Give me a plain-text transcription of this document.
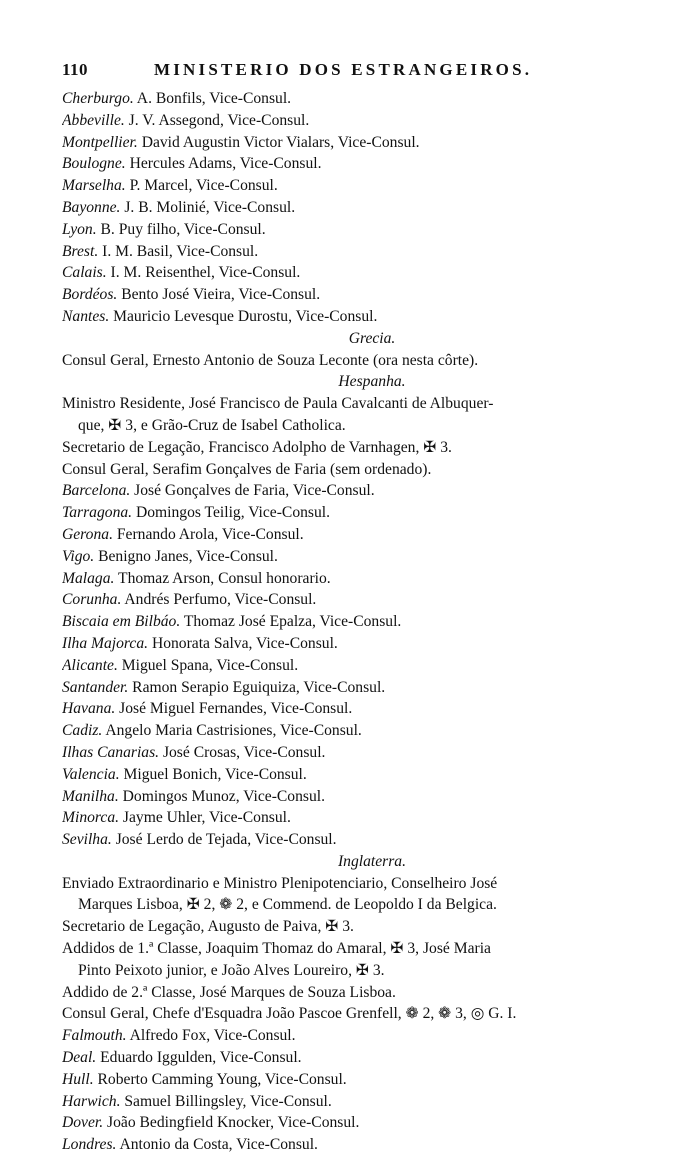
110	MINISTERIO DOS ESTRANGEIROS.
Cherburgo. A. Bonfils, Vice-Consul.
Abbeville. J. V. Assegond, Vice-Consul.
Montpellier. David Augustin Victor Vialars, Vice-Consul.
Boulogne. Hercules Adams, Vice-Consul.
Marselha. P. Marcel, Vice-Consul.
Bayonne. J. B. Molinié, Vice-Consul.
Lyon. B. Puy filho, Vice-Consul.
Brest. I. M. Basil, Vice-Consul.
Calais. I. M. Reisenthel, Vice-Consul.
Bordéos. Bento José Vieira, Vice-Consul.
Nantes. Mauricio Levesque Durostu, Vice-Consul.
Grecia.
Consul Geral, Ernesto Antonio de Souza Leconte (ora nesta côrte).
Hespanha.
Ministro Residente, José Francisco de Paula Cavalcanti de Albuquer-
que, ✠ 3, e Grão-Cruz de Isabel Catholica.
Secretario de Legação, Francisco Adolpho de Varnhagen, ✠ 3.
Consul Geral, Serafim Gonçalves de Faria (sem ordenado).
Barcelona. José Gonçalves de Faria, Vice-Consul.
Tarragona. Domingos Teilig, Vice-Consul.
Gerona. Fernando Arola, Vice-Consul.
Vigo. Benigno Janes, Vice-Consul.
Malaga. Thomaz Arson, Consul honorario.
Corunha. Andrés Perfumo, Vice-Consul.
Biscaia em Bilbáo. Thomaz José Epalza, Vice-Consul.
Ilha Majorca. Honorata Salva, Vice-Consul.
Alicante. Miguel Spana, Vice-Consul.
Santander. Ramon Serapio Eguiquiza, Vice-Consul.
Havana. José Miguel Fernandes, Vice-Consul.
Cadiz. Angelo Maria Castrisiones, Vice-Consul.
Ilhas Canarias. José Crosas, Vice-Consul.
Valencia. Miguel Bonich, Vice-Consul.
Manilha. Domingos Munoz, Vice-Consul.
Minorca. Jayme Uhler, Vice-Consul.
Sevilha. José Lerdo de Tejada, Vice-Consul.
Inglaterra.
Enviado Extraordinario e Ministro Plenipotenciario, Conselheiro José
Marques Lisboa, ✠ 2, ❁ 2, e Commend. de Leopoldo I da Belgica.
Secretario de Legação, Augusto de Paiva, ✠ 3.
Addidos de 1.ª Classe, Joaquim Thomaz do Amaral, ✠ 3, José Maria
Pinto Peixoto junior, e João Alves Loureiro, ✠ 3.
Addido de 2.ª Classe, José Marques de Souza Lisboa.
Consul Geral, Chefe d'Esquadra João Pascoe Grenfell, ❁ 2, ❁ 3, ◎ G. I.
Falmouth. Alfredo Fox, Vice-Consul.
Deal. Eduardo Iggulden, Vice-Consul.
Hull. Roberto Camming Young, Vice-Consul.
Harwich. Samuel Billingsley, Vice-Consul.
Dover. João Bedingfield Knocker, Vice-Consul.
Londres. Antonio da Costa, Vice-Consul.
